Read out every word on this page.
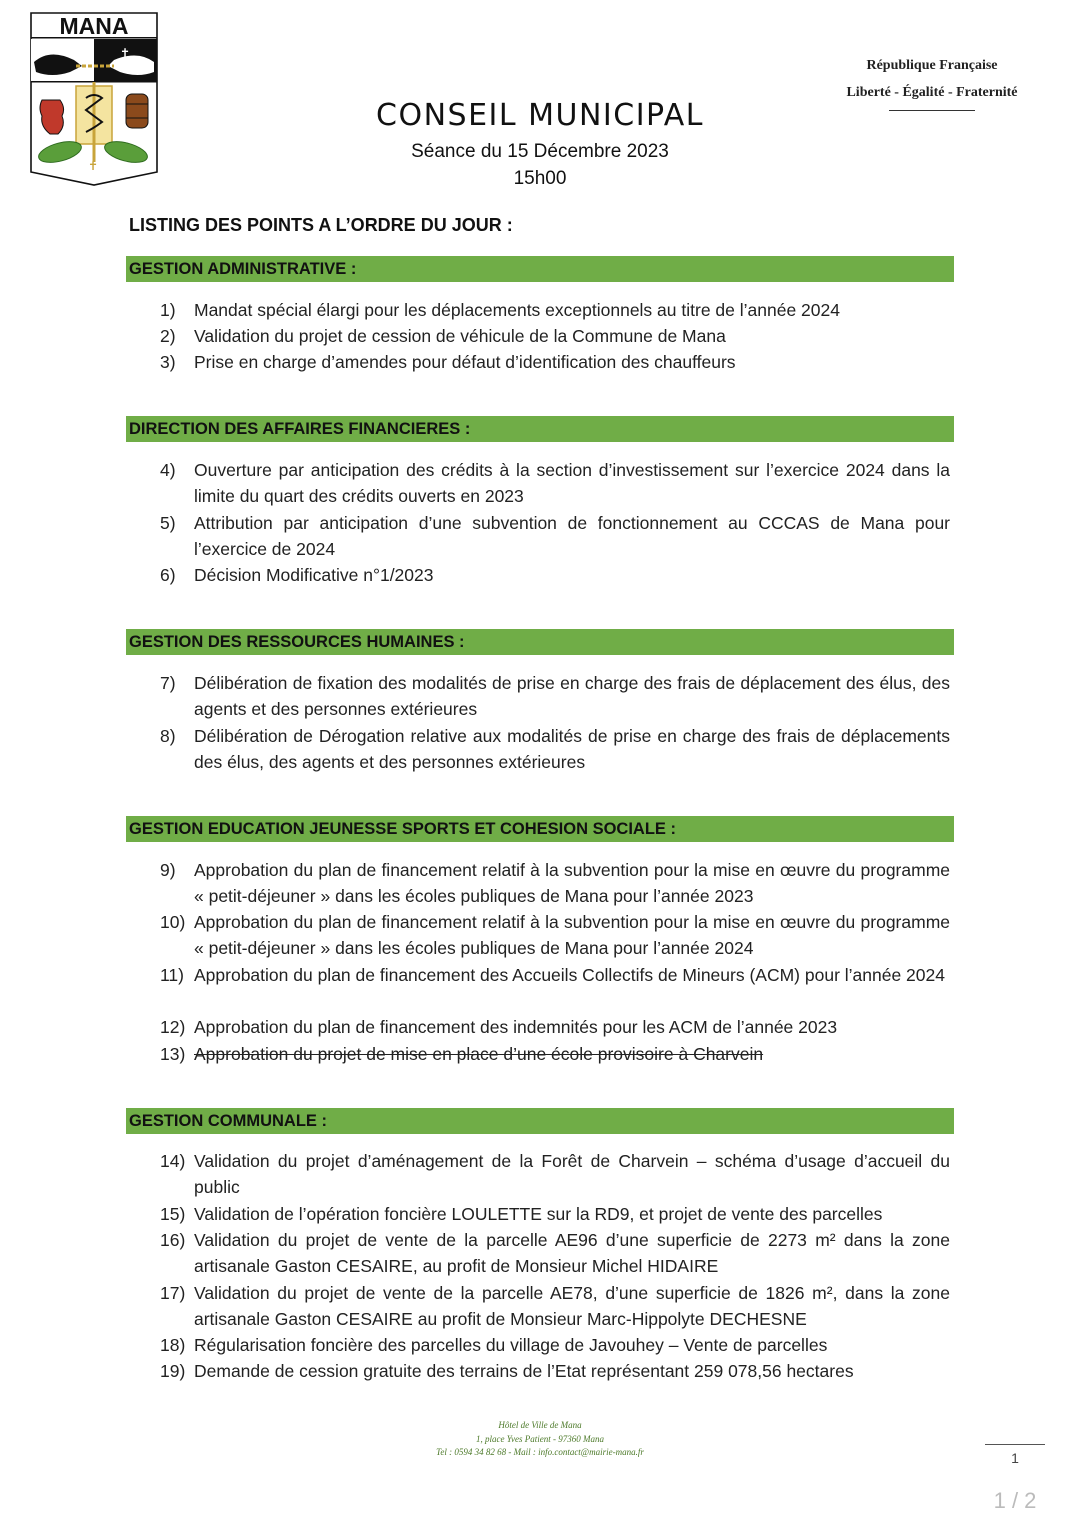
MANA
✝
✝
République Française
Liberté - Égalité - Fraternité
CONSEIL MUNICIPAL
Séance du 15 Décembre 2023
15h00
LISTING DES POINTS A L’ORDRE DU JOUR :
GESTION ADMINISTRATIVE :
1)	Mandat spécial élargi pour les déplacements exceptionnels au titre de l’année 2024
2)	Validation du projet de cession de véhicule de la Commune de Mana
3)	Prise en charge d’amendes pour défaut d’identification des chauffeurs
DIRECTION DES AFFAIRES FINANCIERES :
4)	Ouverture par anticipation des crédits à la section d’investissement sur l’exercice 2024 dans la limite du quart des crédits ouverts en 2023
5)	Attribution par anticipation d’une subvention de fonctionnement au CCCAS de Mana pour l’exercice de 2024
6)	Décision Modificative n°1/2023
GESTION DES RESSOURCES HUMAINES :
7)	Délibération de fixation des modalités de prise en charge des frais de déplacement des élus, des agents et des personnes extérieures
8)	Délibération de Dérogation relative aux modalités de prise en charge des frais de déplacements des élus, des agents et des personnes extérieures
GESTION EDUCATION JEUNESSE SPORTS ET COHESION SOCIALE :
9)	Approbation du plan de financement relatif à la subvention pour la mise en œuvre du programme « petit-déjeuner » dans les écoles publiques de Mana pour l’année 2023
10) Approbation du plan de financement relatif à la subvention pour la mise en œuvre du programme « petit-déjeuner » dans les écoles publiques de Mana pour l’année 2024
11) Approbation du plan de financement des Accueils Collectifs de Mineurs (ACM) pour l’année 2024
12) Approbation du plan de financement des indemnités pour les ACM de l’année 2023
13) Approbation du projet de mise en place d’une école provisoire à Charvein
GESTION COMMUNALE :
14) Validation du projet d’aménagement de la Forêt de Charvein – schéma d’usage d’accueil du public
15) Validation de l’opération foncière LOULETTE sur la RD9, et projet de vente des parcelles
16) Validation du projet de vente de la parcelle AE96 d’une superficie de 2273 m² dans la zone artisanale Gaston CESAIRE, au profit de Monsieur Michel HIDAIRE
17) Validation du projet de vente de la parcelle AE78, d’une superficie de 1826 m², dans la zone artisanale Gaston CESAIRE au profit de Monsieur Marc-Hippolyte DECHESNE
18) Régularisation foncière des parcelles du village de Javouhey – Vente de parcelles
19) Demande de cession gratuite des terrains de l’Etat représentant 259 078,56 hectares
Hôtel de Ville de Mana
1, place Yves Patient - 97360 Mana
Tel : 0594 34 82 68 - Mail : info.contact@mairie-mana.fr	1
1 / 2
